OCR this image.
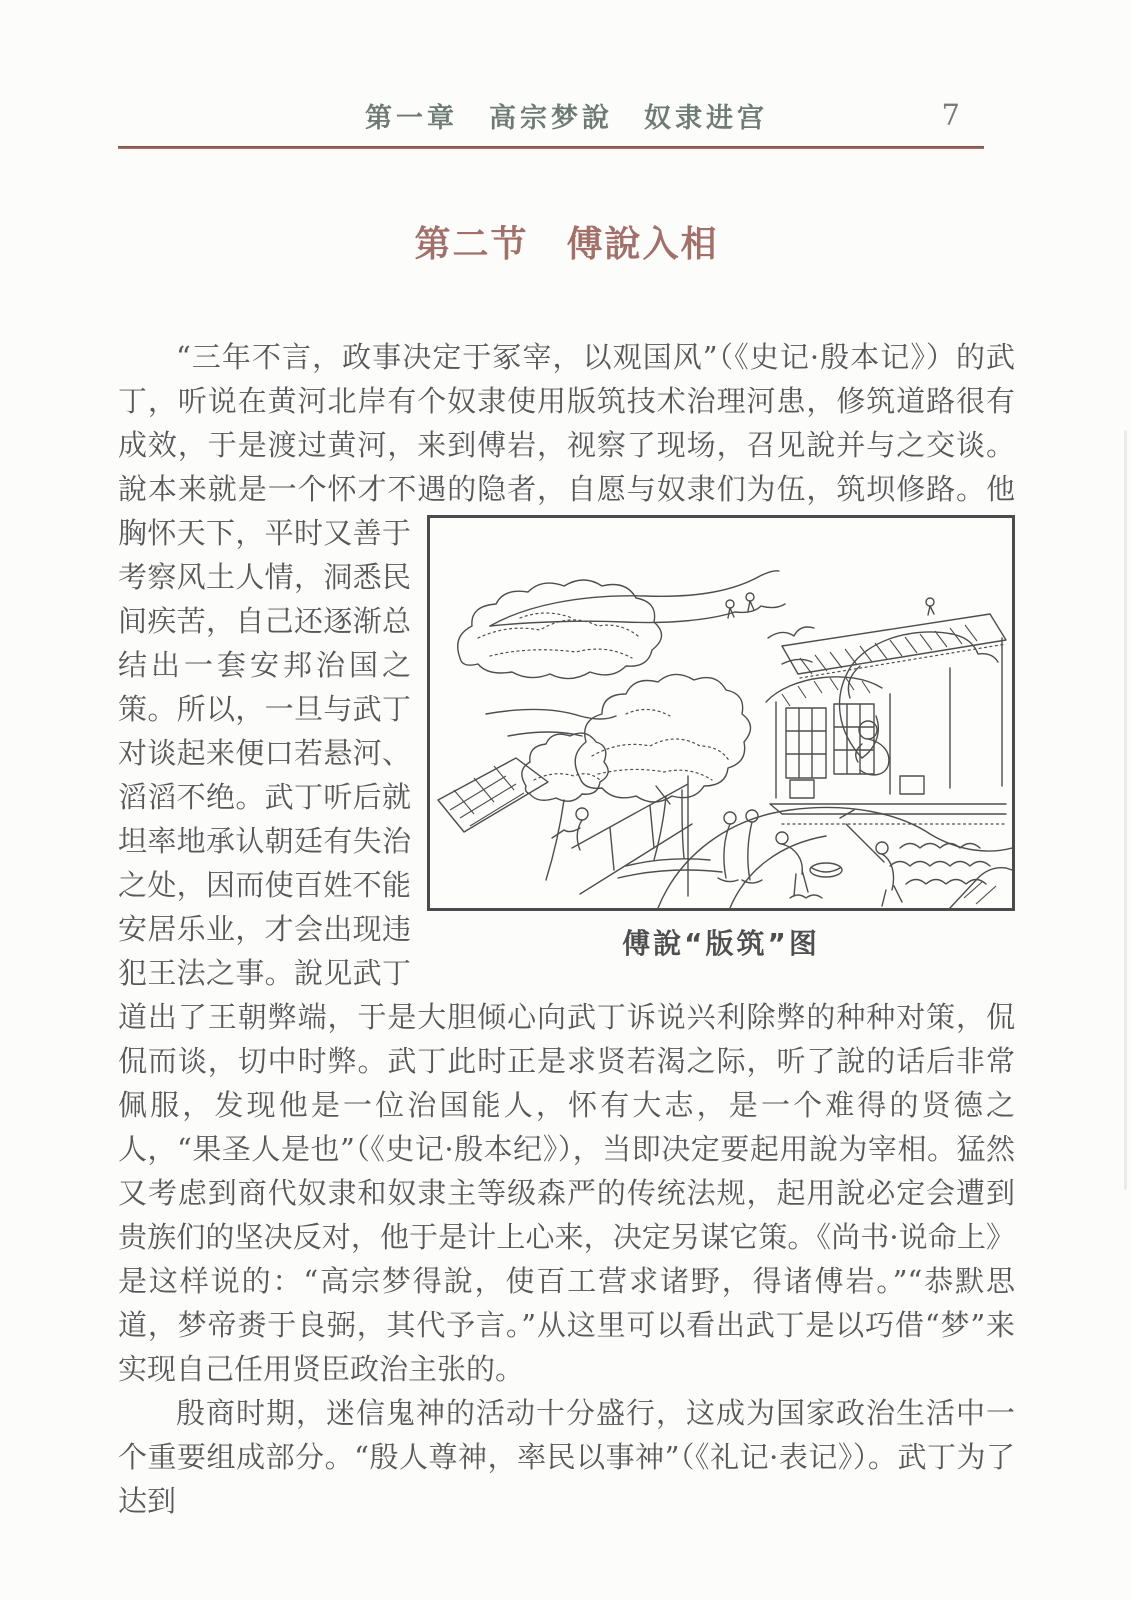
第一章　高宗梦說　奴隶进宫	7
第二节　傅說入相

“三年不言，政事决定于冢宰，以观国风”（《史记·殷本记》）的武丁，听说在黄河北岸有个奴隶使用版筑技术治理河患，修筑道路很有成效，于是渡过黄河，来到傅岩，视察了现场，召见說并与之交谈。說本来就是一个怀才不遇的隐者，自愿与奴隶们为伍，筑坝修路。他胸怀天下，平时
傅說“版筑”图
又善于考察风土人情，洞悉民间疾苦，自己还逐渐总结出一套安邦治国之策。所以，一旦与武丁对谈起来便口若悬河、滔滔不绝。武丁听后就坦率地承认朝廷有失治之处，因而使百姓不能安居乐业，才会出现违犯王法之事。說见武丁道出了王朝弊端，于是大胆倾心向武丁诉说兴利除弊的种种对策，侃侃而谈，切中时弊。武丁此时正是求贤若渴之际，听了說的话后非常佩服，发现他是一位治国能人，怀有大志，是一个难得的贤德之人，“果圣人是也”（《史记·殷本纪》），当即决定要起用說为宰相。猛然又考虑到商代奴隶和奴隶主等级森严的传统法规，起用說必定会遭到贵族们的坚决反对，他于是计上心来，决定另谋它策。《尚书·说命上》是这样说的：“高宗梦得說，使百工营求诸野，得诸傅岩。”“恭默思道，梦帝赉于良弼，其代予言。”从这里可以看出武丁是以巧借“梦”来实现自己任用贤臣政治主张的。

殷商时期，迷信鬼神的活动十分盛行，这成为国家政治生活中一个重要组成部分。“殷人尊神，率民以事神”（《礼记·表记》）。武丁为了达到
